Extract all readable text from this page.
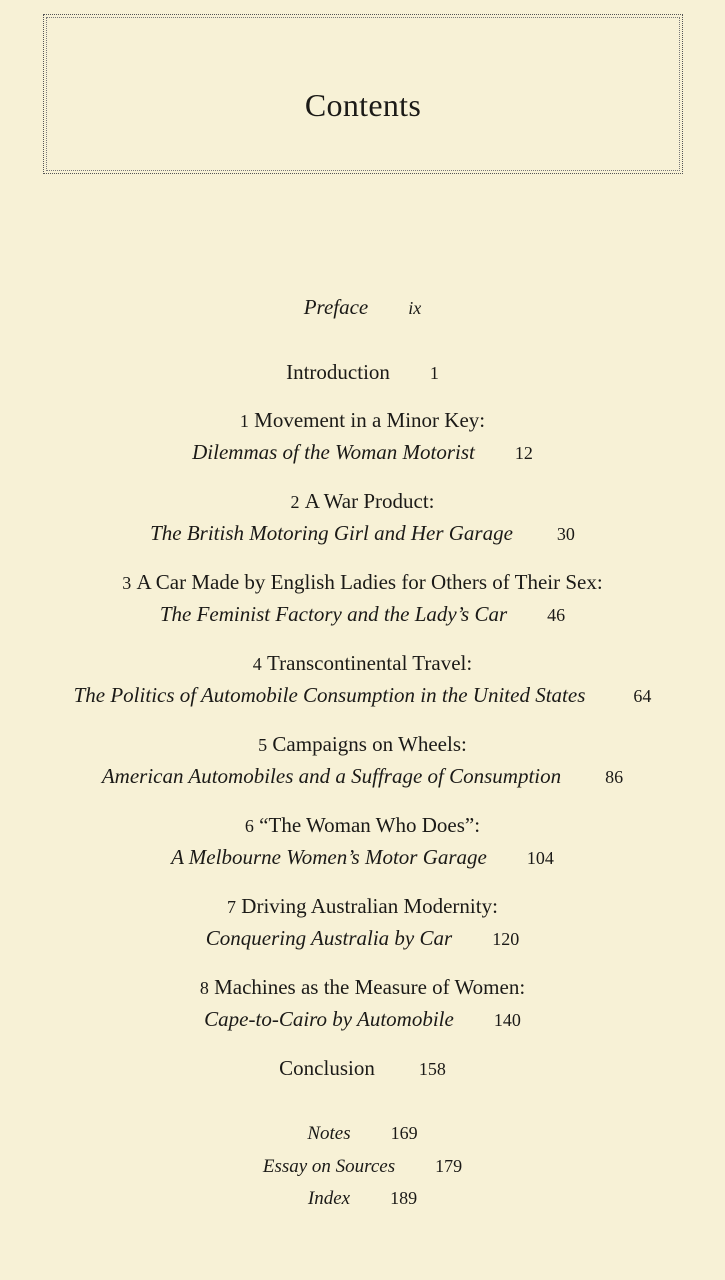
Contents
Preface ix
Introduction 1
1 Movement in a Minor Key:
Dilemmas of the Woman Motorist 12
2 A War Product:
The British Motoring Girl and Her Garage 30
3 A Car Made by English Ladies for Others of Their Sex:
The Feminist Factory and the Lady’s Car 46
4 Transcontinental Travel:
The Politics of Automobile Consumption in the United States	64
5 Campaigns on Wheels:
American Automobiles and a Suffrage of Consumption 86
6 “The Woman Who Does”:
A Melbourne Women’s Motor Garage 104
7 Driving Australian Modernity:
Conquering Australia by Car 120
8 Machines as the Measure of Women:
Cape-to-Cairo by Automobile 140
Conclusion 158
Notes 169
Essay on Sources 179
Index 189
